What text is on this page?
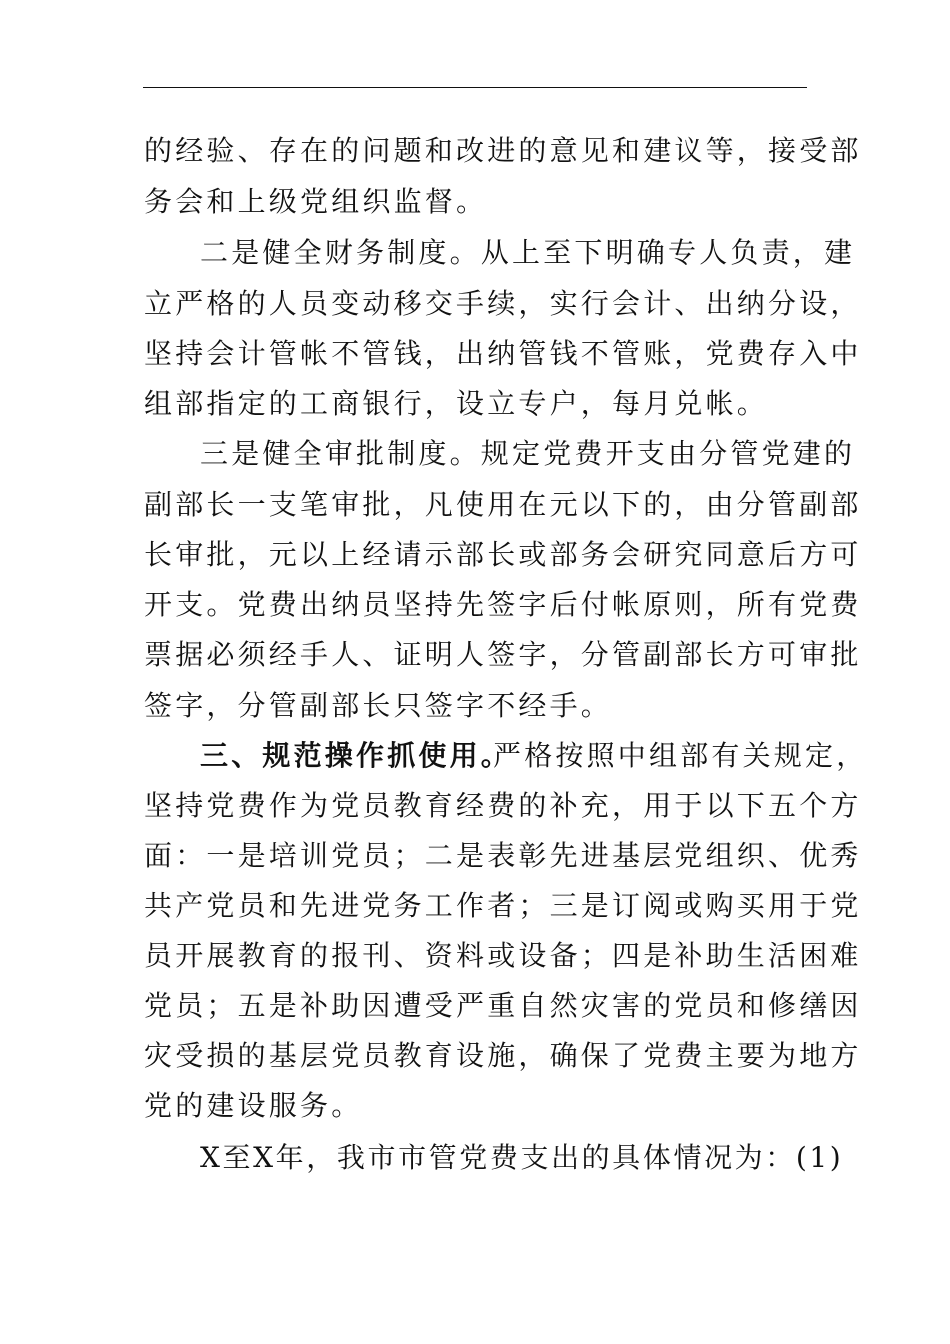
的经验、存在的问题和改进的意见和建议等，接受部
务会和上级党组织监督。
二是健全财务制度。从上至下明确专人负责，建
立严格的人员变动移交手续，实行会计、出纳分设，
坚持会计管帐不管钱，出纳管钱不管账，党费存入中
组部指定的工商银行，设立专户，每月兑帐。
三是健全审批制度。规定党费开支由分管党建的
副部长一支笔审批，凡使用在元以下的，由分管副部
长审批，元以上经请示部长或部务会研究同意后方可
开支。党费出纳员坚持先签字后付帐原则，所有党费
票据必须经手人、证明人签字，分管副部长方可审批
签字，分管副部长只签字不经手。
三、规范操作抓使用。
严格按照中组部有关规定，
坚持党费作为党员教育经费的补充，用于以下五个方
面：一是培训党员；二是表彰先进基层党组织、优秀
共产党员和先进党务工作者；三是订阅或购买用于党
员开展教育的报刊、资料或设备；四是补助生活困难
党员；五是补助因遭受严重自然灾害的党员和修缮因
灾受损的基层党员教育设施，确保了党费主要为地方
党的建设服务。
X至X年，我市市管党费支出的具体情况为：(1)
